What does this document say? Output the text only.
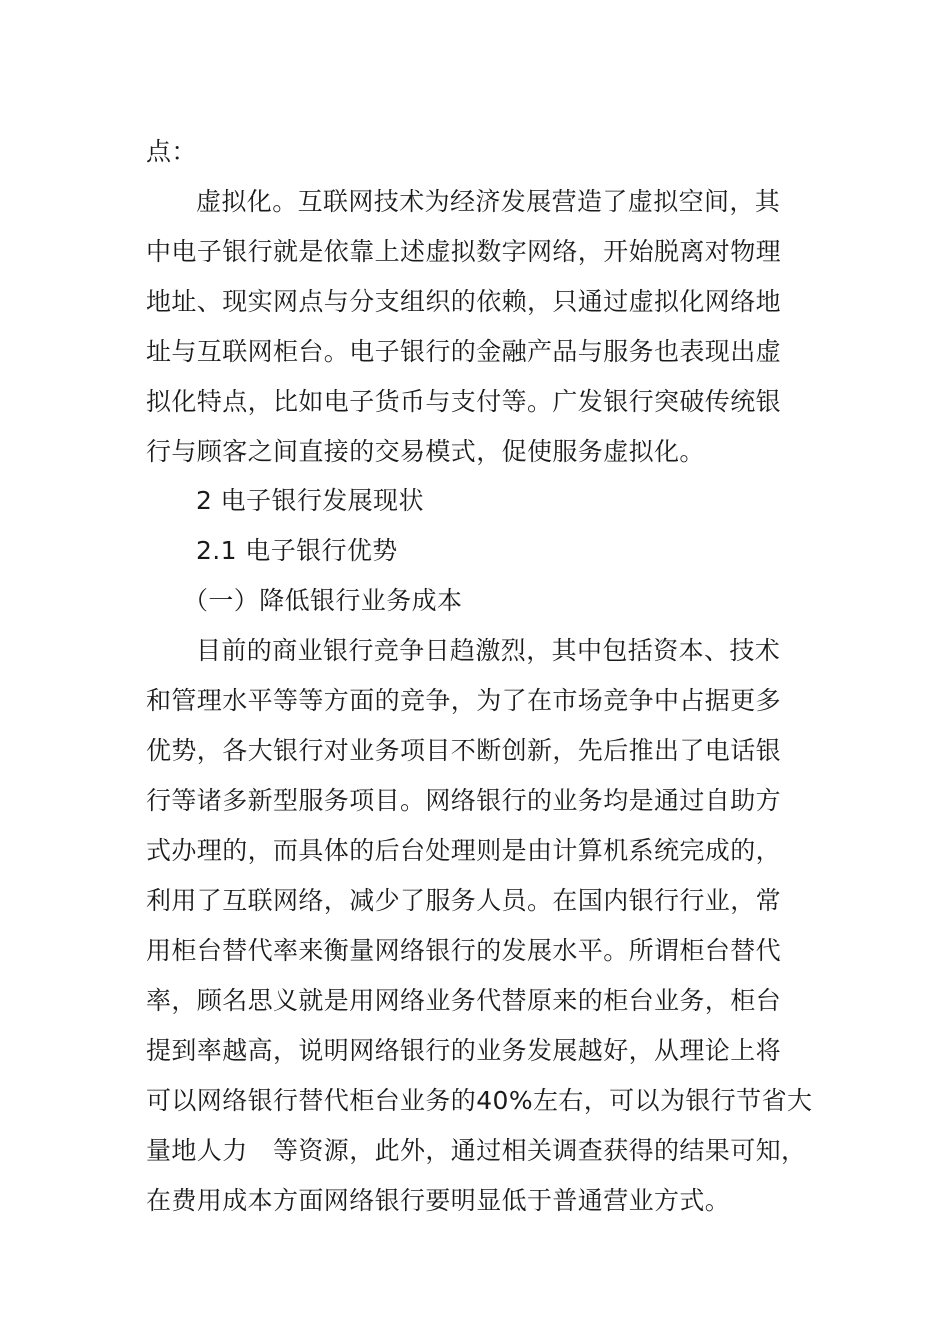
点：
虚拟化。互联网技术为经济发展营造了虚拟空间，其
中电子银行就是依靠上述虚拟数字网络，开始脱离对物理
地址、现实网点与分支组织的依赖，只通过虚拟化网络地
址与互联网柜台。电子银行的金融产品与服务也表现出虚
拟化特点，比如电子货币与支付等。广发银行突破传统银
行与顾客之间直接的交易模式，促使服务虚拟化。
2 电子银行发展现状
2.1 电子银行优势
（一）降低银行业务成本
目前的商业银行竞争日趋激烈，其中包括资本、技术
和管理水平等等方面的竞争，为了在市场竞争中占据更多
优势，各大银行对业务项目不断创新，先后推出了电话银
行等诸多新型服务项目。网络银行的业务均是通过自助方
式办理的，而具体的后台处理则是由计算机系统完成的，
利用了互联网络，减少了服务人员。在国内银行行业，常
用柜台替代率来衡量网络银行的发展水平。所谓柜台替代
率，顾名思义就是用网络业务代替原来的柜台业务，柜台
提到率越高，说明网络银行的业务发展越好，从理论上将
可以网络银行替代柜台业务的40%左右，可以为银行节省大
量地人力　等资源，此外，通过相关调查获得的结果可知，
在费用成本方面网络银行要明显低于普通营业方式。
